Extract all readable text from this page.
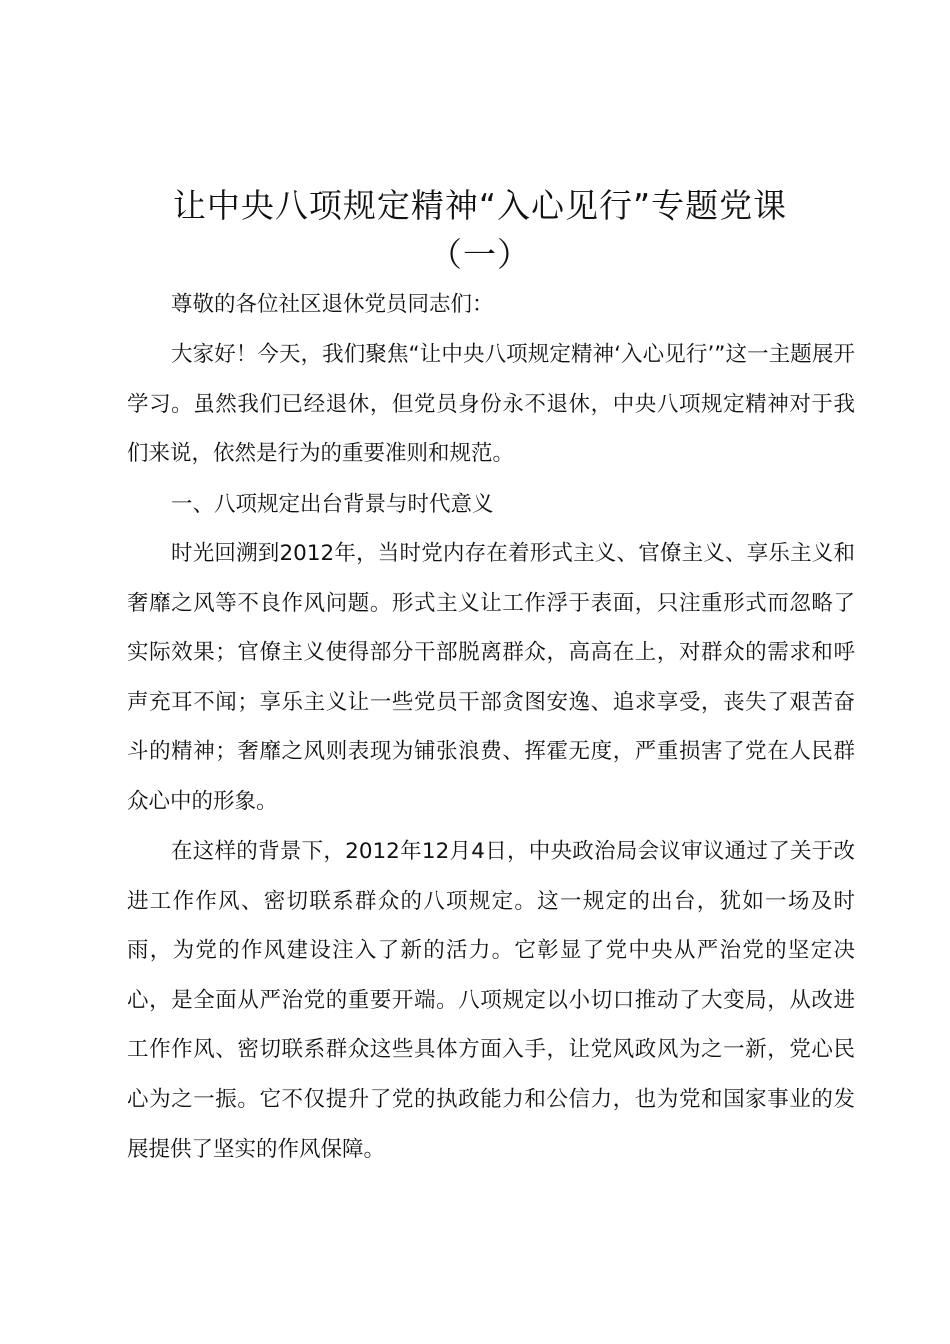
让中央八项规定精神“入心见行”专题党课
（一）

尊敬的各位社区退休党员同志们：

大家好！今天，我们聚焦“让中央八项规定精神‘入心见行’”这一主题展开学习。虽然我们已经退休，但党员身份永不退休，中央八项规定精神对于我们来说，依然是行为的重要准则和规范。

一、八项规定出台背景与时代意义

时光回溯到2012年，当时党内存在着形式主义、官僚主义、享乐主义和奢靡之风等不良作风问题。形式主义让工作浮于表面，只注重形式而忽略了实际效果；官僚主义使得部分干部脱离群众，高高在上，对群众的需求和呼声充耳不闻；享乐主义让一些党员干部贪图安逸、追求享受，丧失了艰苦奋斗的精神；奢靡之风则表现为铺张浪费、挥霍无度，严重损害了党在人民群众心中的形象。

在这样的背景下，2012年12月4日，中央政治局会议审议通过了关于改进工作作风、密切联系群众的八项规定。这一规定的出台，犹如一场及时雨，为党的作风建设注入了新的活力。它彰显了党中央从严治党的坚定决心，是全面从严治党的重要开端。八项规定以小切口推动了大变局，从改进工作作风、密切联系群众这些具体方面入手，让党风政风为之一新，党心民心为之一振。它不仅提升了党的执政能力和公信力，也为党和国家事业的发展提供了坚实的作风保障。
